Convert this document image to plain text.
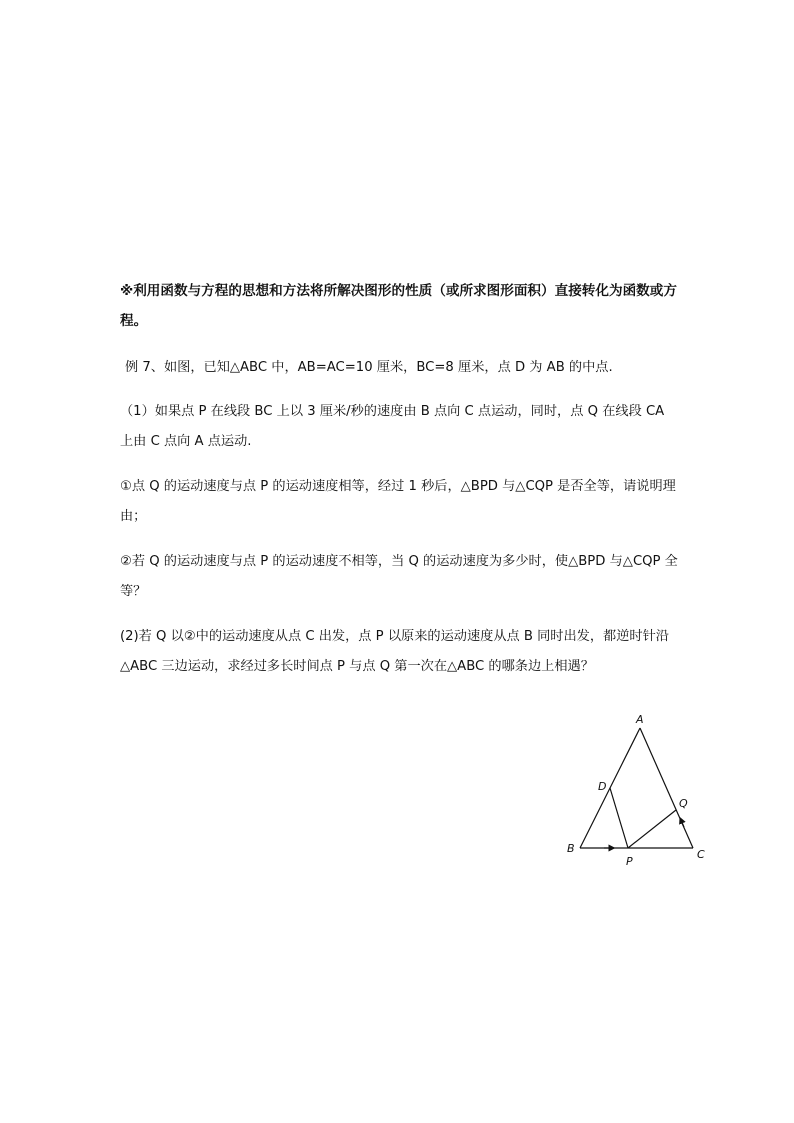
※利用函数与方程的思想和方法将所解决图形的性质（或所求图形面积）直接转化为函数或方程。
例 7、如图，已知△ABC 中，AB=AC=10 厘米，BC=8 厘米，点 D 为 AB 的中点.
（1）如果点 P 在线段 BC 上以 3 厘米/秒的速度由 B 点向 C 点运动，同时，点 Q 在线段 CA 上由 C 点向 A 点运动.
①点 Q 的运动速度与点 P 的运动速度相等，经过 1 秒后，△BPD 与△CQP 是否全等，请说明理由；
②若 Q 的运动速度与点 P 的运动速度不相等，当 Q 的运动速度为多少时，使△BPD 与△CQP 全等？
(2)若 Q 以②中的运动速度从点 C 出发，点 P 以原来的运动速度从点 B 同时出发，都逆时针沿△ABC 三边运动，求经过多长时间点 P 与点 Q 第一次在△ABC 的哪条边上相遇？
A
B	C
D
P
Q
